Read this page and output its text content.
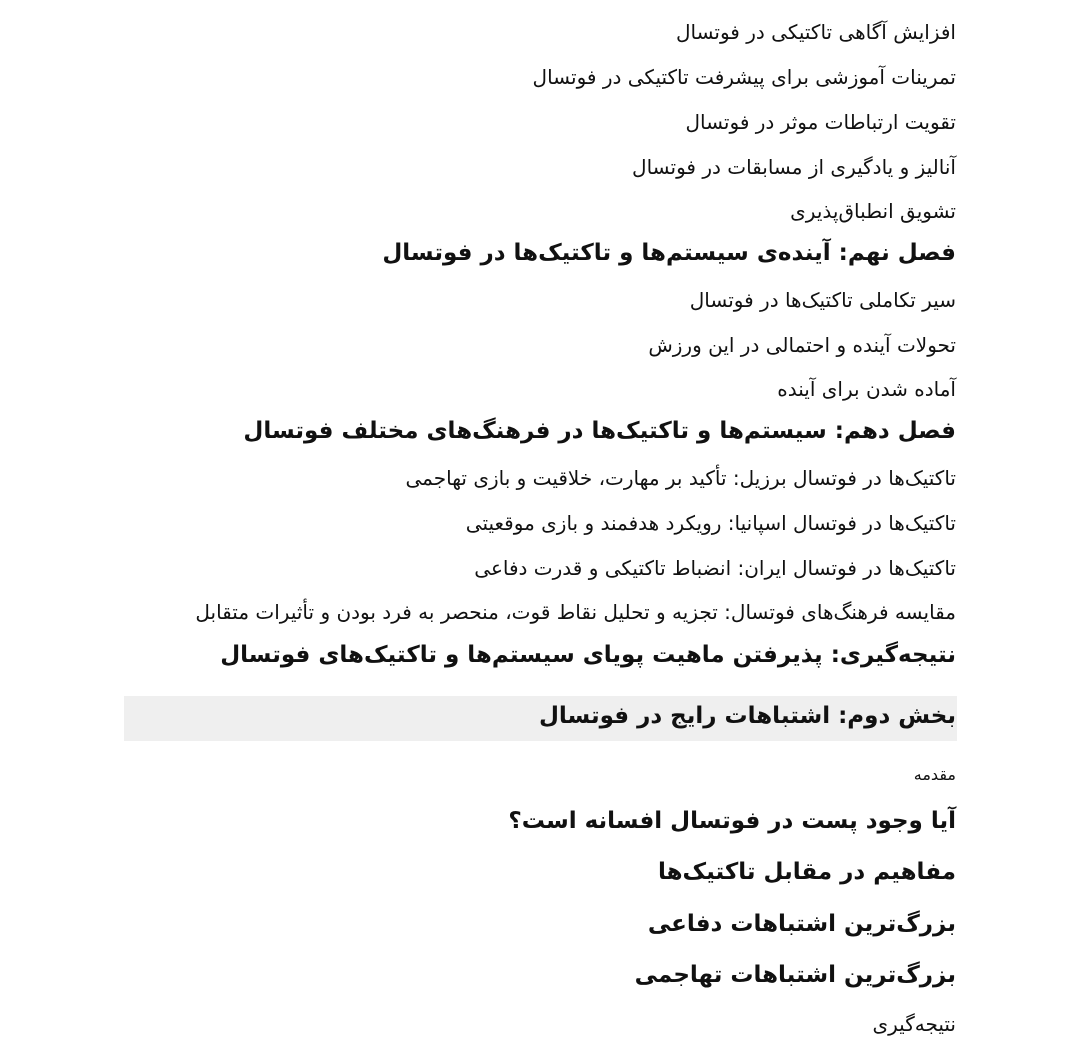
افزایش آگاهی تاکتیکی در فوتسال
تمرینات آموزشی برای پیشرفت تاکتیکی در فوتسال
تقویت ارتباطات موثر در فوتسال
آنالیز و یادگیری از مسابقات در فوتسال
تشویق انطباق‌پذیری
فصل نهم: آینده‌ی سیستم‌ها و تاکتیک‌ها در فوتسال
سیر تکاملی تاکتیک‌ها در فوتسال
تحولات آینده و احتمالی در این ورزش
آماده شدن برای آینده
فصل دهم: سیستم‌ها و تاکتیک‌ها در فرهنگ‌های مختلف فوتسال
تاکتیک‌ها در فوتسال برزیل: تأکید بر مهارت، خلاقیت و بازی تهاجمی
تاکتیک‌ها در فوتسال اسپانیا: رویکرد هدفمند و بازی موقعیتی
تاکتیک‌ها در فوتسال ایران: انضباط تاکتیکی و قدرت دفاعی
مقایسه فرهنگ‌های فوتسال: تجزیه و تحلیل نقاط قوت، منحصر به فرد بودن و تأثیرات متقابل
نتیجه‌گیری: پذیرفتن ماهیت پویای سیستم‌ها و تاکتیک‌های فوتسال
بخش دوم: اشتباهات رایج در فوتسال
مقدمه
آیا وجود پست در فوتسال افسانه است؟
مفاهیم در مقابل تاکتیک‌ها
بزرگ‌ترین اشتباهات دفاعی
بزرگ‌ترین اشتباهات تهاجمی
نتیجه‌گیری
